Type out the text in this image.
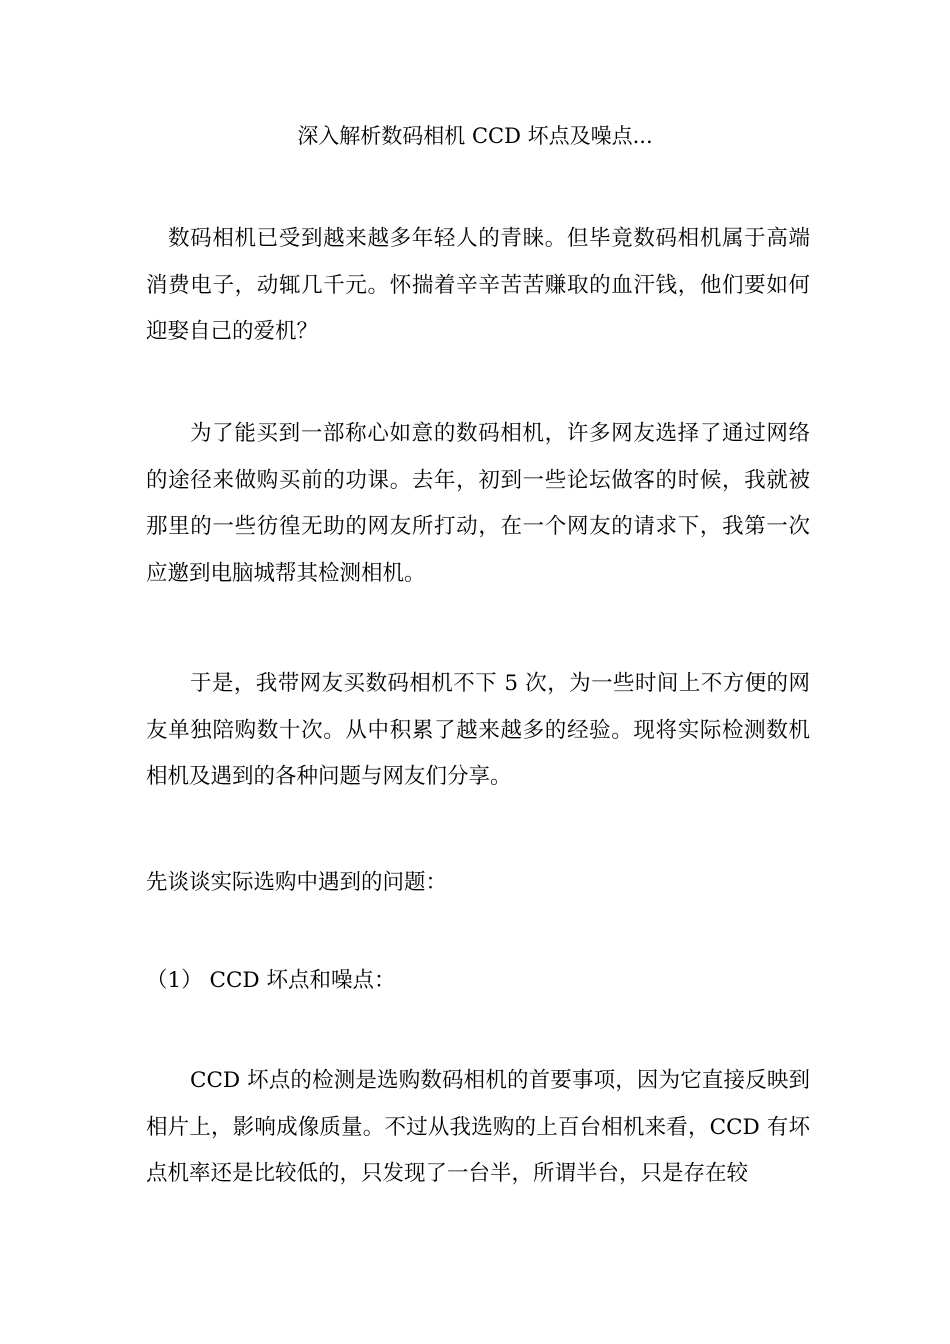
深入解析数码相机 CCD 坏点及噪点...

数码相机已受到越来越多年轻人的青睐。但毕竟数码相机属于高端消费电子，动辄几千元。怀揣着辛辛苦苦赚取的血汗钱，他们要如何迎娶自己的爱机？

为了能买到一部称心如意的数码相机，许多网友选择了通过网络的途径来做购买前的功课。去年，初到一些论坛做客的时候，我就被那里的一些彷徨无助的网友所打动，在一个网友的请求下，我第一次应邀到电脑城帮其检测相机。

于是，我带网友买数码相机不下 5 次，为一些时间上不方便的网友单独陪购数十次。从中积累了越来越多的经验。现将实际检测数机相机及遇到的各种问题与网友们分享。

先谈谈实际选购中遇到的问题：

（1） CCD 坏点和噪点：

CCD 坏点的检测是选购数码相机的首要事项，因为它直接反映到相片上，影响成像质量。不过从我选购的上百台相机来看，CCD 有坏点机率还是比较低的，只发现了一台半，所谓半台，只是存在较
